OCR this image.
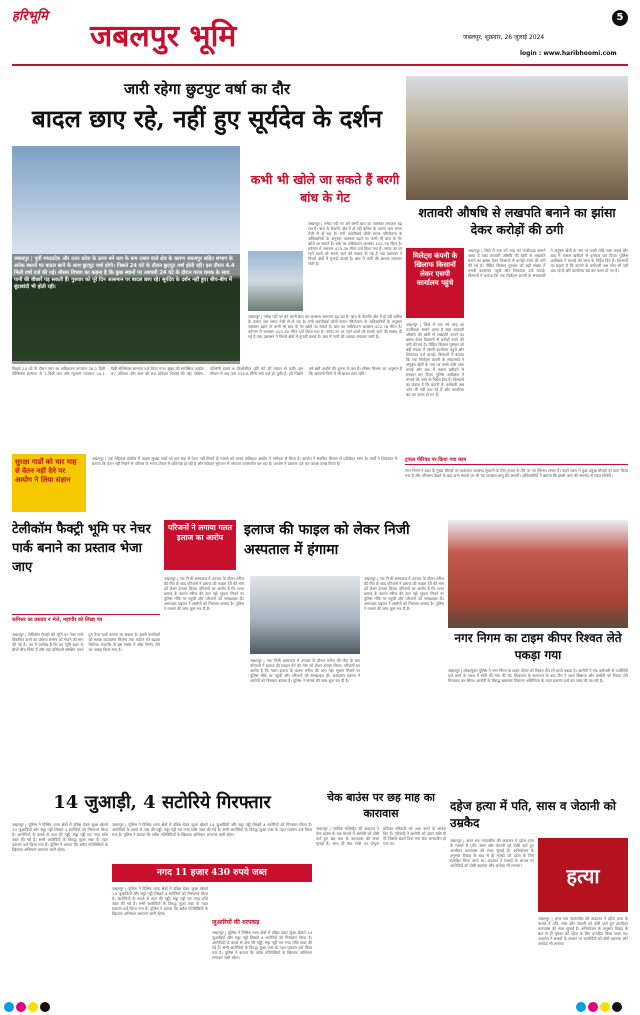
हरिभूमि
जबलपुर भूमि
5
जबलपुर, शुक्रवार, 26 जुलाई 2024
login : www.haribhoomi.com
जारी रहेगा छुटपुट वर्षा का दौर
बादल छाए रहे, नहीं हुए सूर्यदेव के दर्शन
कभी भी खोले जा सकते हैं बरगी बांध के गेट
जबलपुर | नर्मदा नदी पर बने बरगी बांध का जलस्तर लगातार बढ़ रहा है। बांध के कैचमेंट क्षेत्र में हो रही बारिश के कारण जल भराव तेजी से हो रहा है। रानी अवंतीबाई लोधी सागर परियोजना के अधिकारियों के अनुसार जलस्तर बढ़ने पर कभी भी बांध के गेट खोले जा सकते हैं। बांध का अधिकतम जलस्तर 422.76 मीटर है। वर्तमान में जलस्तर 415.30 मीटर दर्ज किया गया है। नर्मदा तट पर रहने वालों को सतर्क रहने की सलाह दी गई है तथा प्रशासन ने निचले क्षेत्रों में मुनादी कराई है। बांध में पानी की आवक लगातार जारी है।
जबलपुर | नर्मदा नदी पर बने बरगी बांध का जलस्तर लगातार बढ़ रहा है। बांध के कैचमेंट क्षेत्र में हो रही बारिश के कारण जल भराव तेजी से हो रहा है। रानी अवंतीबाई लोधी सागर परियोजना के अधिकारियों के अनुसार जलस्तर बढ़ने पर कभी भी बांध के गेट खोले जा सकते हैं। बांध का अधिकतम जलस्तर 422.76 मीटर है। वर्तमान में जलस्तर 415.30 मीटर दर्ज किया गया है। नर्मदा तट पर रहने वालों को सतर्क रहने की सलाह दी गई है तथा प्रशासन ने निचले क्षेत्रों में मुनादी कराई है। बांध में पानी की आवक लगातार जारी है।
जबलपुर | पूर्वी मध्यप्रदेश और उत्तर प्रदेश के ऊपर बने कम के कम दबाव वाले क्षेत्र के कारण जबलपुर सहित संभाग के अनेक स्थानों पर बादल छाने के साथ छुटपुट वर्षा होगी। पिछले 24 घंटे के दौरान छुटपुट वर्षा होती रही। इस दौरान 4.4 मिली वर्षा दर्ज की गई। मौसम विभाग का कहना है कि कुछ स्थानों पर आगामी 24 घंटे के दौरान गरज चमक के साथ पानी की बौछारें पड़ सकती हैं। गुरुवार को पूरे दिन आसमान पर बादल छाए रहे। सूर्यदेव के दर्शन नहीं हुए। बीच-बीच में बूंदाबांदी भी होती रही।
पिछले 24 घंटे के दौरान नगर का अधिकतम तापमान 28.2 डिग्री सेल्सियस सामान्य से 1 डिग्री कम और न्यूनतम तापमान 24.1 डिग्री सेल्सियस सामान्य दर्ज किया गया। सुबह की सापेक्षिक आर्द्रता 97 प्रतिशत और शाम की 89 प्रतिशत रिकॉर्ड की गई। दक्षिण-पश्चिमी हवाएं 6 किलोमीटर प्रति घंटे की रफ्तार से चलीं। इस सीजन में अब तक 535.8 मिमी वर्षा दर्ज हो चुकी है, जो पिछले वर्ष इसी अवधि की तुलना में कम है। मौसम विभाग का अनुमान है कि आगामी दिनों में भी बादल छाए रहेंगे।
शतावरी औषधि से लखपति बनाने का झांसा देकर करोड़ों की ठगी
मिलेट्स कंपनी के खिलाफ किसानों लेकर एसपी कार्यालय पहुंचे
जबलपुर | जिले में एक नये तरह का फर्जीवाड़ा सामने आया है जहां शतावरी औषधि की खेती से लखपति बनाने का झांसा देकर किसानों से करोड़ों रुपये की ठगी की गई है। पीड़ित किसान गुरुवार को बड़ी संख्या में एसपी कार्यालय पहुंचे और शिकायत दर्ज कराई। किसानों ने बताया कि एक मिलेट्स कंपनी के संचालकों ने अनुबंध खेती के नाम पर उनसे राशि जमा कराई और बाद में फसल खरीदने से इनकार कर दिया। पुलिस अधीक्षक ने मामले की जांच के निर्देश दिए हैं। किसानों का कहना है कि कंपनी के कर्मचारी अब फोन भी नहीं उठा रहे हैं और कार्यालय बंद कर फरार हो गए हैं।
जबलपुर | जिले में एक नये तरह का फर्जीवाड़ा सामने आया है जहां शतावरी औषधि की खेती से लखपति बनाने का झांसा देकर किसानों से करोड़ों रुपये की ठगी की गई है। पीड़ित किसान गुरुवार को बड़ी संख्या में एसपी कार्यालय पहुंचे और शिकायत दर्ज कराई। किसानों ने बताया कि एक मिलेट्स कंपनी के संचालकों ने अनुबंध खेती के नाम पर उनसे राशि जमा कराई और बाद में फसल खरीदने से इनकार कर दिया। पुलिस अधीक्षक ने मामले की जांच के निर्देश दिए हैं। किसानों का कहना है कि कंपनी के कर्मचारी अब फोन भी नहीं उठा रहे हैं और कार्यालय बंद कर फरार हो गए हैं।
सुरक्षा गार्डों को चार माह से वेतन नहीं देने पर आयोग ने लिया संज्ञान
जबलपुर | एक मेडिकल कॉलेज में पदस्थ सुरक्षा गार्डों को चार माह से वेतन नहीं मिलने के मामले को मानव अधिकार आयोग ने गंभीरता से लिया है। आयोग ने संबंधित विभाग से प्रतिवेदन मांगा है। गार्डों ने शिकायत में बताया कि वेतन नहीं मिलने से परिवार के भरण-पोषण में कठिनाई हो रही है और ठेकेदार भुगतान में लगातार टालमटोल कर रहा है। आयोग ने प्रकरण दर्ज कर जवाब तलब किया है।
ट्रायल पीरियड पर किया गया काम
नगर निगम ने शहर के मुख्य चौराहों पर यातायात व्यवस्था सुधारने के लिए ट्रायल के तौर पर नए सिग्नल लगाए हैं। पहले चरण में कुछ प्रमुख चौराहों पर काम किया गया है और परिणाम देखने के बाद अन्य स्थानों पर भी यह व्यवस्था लागू की जाएगी। अधिकारियों ने बताया कि इससे जाम की समस्या से राहत मिलेगी।
टेलीकॉम फैक्ट्री भूमि पर नेचर पार्क बनाने का प्रस्ताव भेजा जाए
कमिश्नर का प्रस्ताव न भेजे, महापौर को लिखा पत्र
जबलपुर | टेलीकॉम फैक्ट्री की भूमि पर नेचर पार्क विकसित करने का प्रस्ताव शासन को भेजने की मांग की गई है। पत्र में उल्लेख है कि यह भूमि शहर के बीचों बीच स्थित है और यहां हरियाली संरक्षित करते हुए नेचर पार्क बनाया जा सकता है। इससे नागरिकों को स्वच्छ वातावरण मिलेगा तथा पर्यटन को बढ़ावा मिलेगा। महापौर से इस संबंध में शीघ्र निर्णय लेने का आग्रह किया गया है।
परिजनों ने लगाया गलत इलाज का आरोप	इलाज की फाइल को लेकर निजी अस्पताल में हंगामा
जबलपुर | एक निजी अस्पताल में उपचार के दौरान मरीज की मौत के बाद परिजनों ने इलाज की फाइल देने की मांग को लेकर हंगामा किया। परिजनों का आरोप है कि गलत इलाज के कारण मरीज की जान गई। सूचना मिलने पर पुलिस मौके पर पहुंची और परिजनों को समझाइश दी। अस्पताल प्रबंधन ने आरोपों को निराधार बताया है। पुलिस ने मामले की जांच शुरू कर दी है।
जबलपुर | एक निजी अस्पताल में उपचार के दौरान मरीज की मौत के बाद परिजनों ने इलाज की फाइल देने की मांग को लेकर हंगामा किया। परिजनों का आरोप है कि गलत इलाज के कारण मरीज की जान गई। सूचना मिलने पर पुलिस मौके पर पहुंची और परिजनों को समझाइश दी। अस्पताल प्रबंधन ने आरोपों को निराधार बताया है। पुलिस ने मामले की जांच शुरू कर दी है।
जबलपुर | एक निजी अस्पताल में उपचार के दौरान मरीज की मौत के बाद परिजनों ने इलाज की फाइल देने की मांग को लेकर हंगामा किया। परिजनों का आरोप है कि गलत इलाज के कारण मरीज की जान गई। सूचना मिलने पर पुलिस मौके पर पहुंची और परिजनों को समझाइश दी। अस्पताल प्रबंधन ने आरोपों को निराधार बताया है। पुलिस ने मामले की जांच शुरू कर दी है।
नगर निगम का टाइम कीपर रिश्वत लेते पकड़ा गया
जबलपुर | लोकायुक्त पुलिस ने नगर निगम के टाइम कीपर को रिश्वत लेते रंगे हाथों पकड़ा है। आरोपी ने एक कर्मचारी से उपस्थिति दर्ज करने के एवज में राशि की मांग की थी। शिकायत के सत्यापन के बाद टीम ने जाल बिछाया और आरोपी को रिश्वत लेते गिरफ्तार कर लिया। आरोपी के विरुद्ध भ्रष्टाचार निवारण अधिनियम के तहत प्रकरण दर्ज कर जांच की जा रही है।
14 जुआड़ी, 4 सटोरिये गिरफ्तार
जबलपुर | पुलिस ने विभिन्न थाना क्षेत्रों में दबिश देकर जुआ खेलते 14 जुआड़ियों और सट्टा पट्टी लिखते 4 सटोरियों को गिरफ्तार किया है। आरोपियों के कब्जे से ताश की गड्डी, सट्टा पट्टी एवं नगद राशि जब्त की गई है। सभी आरोपियों के विरुद्ध जुआ एक्ट के तहत प्रकरण दर्ज किया गया है। पुलिस ने बताया कि अवैध गतिविधियों के खिलाफ अभियान लगातार जारी रहेगा।
नगद 11 हजार 430 रुपये जब्त
जुआरियों की धरपकड़
जबलपुर | पुलिस ने विभिन्न थाना क्षेत्रों में दबिश देकर जुआ खेलते 14 जुआड़ियों और सट्टा पट्टी लिखते 4 सटोरियों को गिरफ्तार किया है। आरोपियों के कब्जे से ताश की गड्डी, सट्टा पट्टी एवं नगद राशि जब्त की गई है। सभी आरोपियों के विरुद्ध जुआ एक्ट के तहत प्रकरण दर्ज किया गया है। पुलिस ने बताया कि अवैध गतिविधियों के खिलाफ अभियान लगातार जारी रहेगा।
जबलपुर | पुलिस ने विभिन्न थाना क्षेत्रों में दबिश देकर जुआ खेलते 14 जुआड़ियों और सट्टा पट्टी लिखते 4 सटोरियों को गिरफ्तार किया है। आरोपियों के कब्जे से ताश की गड्डी, सट्टा पट्टी एवं नगद राशि जब्त की गई है। सभी आरोपियों के विरुद्ध जुआ एक्ट के तहत प्रकरण दर्ज किया गया है। पुलिस ने बताया कि अवैध गतिविधियों के खिलाफ अभियान लगातार जारी रहेगा।
जबलपुर | पुलिस ने विभिन्न थाना क्षेत्रों में दबिश देकर जुआ खेलते 14 जुआड़ियों और सट्टा पट्टी लिखते 4 सटोरियों को गिरफ्तार किया है। आरोपियों के कब्जे से ताश की गड्डी, सट्टा पट्टी एवं नगद राशि जब्त की गई है। सभी आरोपियों के विरुद्ध जुआ एक्ट के तहत प्रकरण दर्ज किया गया है। पुलिस ने बताया कि अवैध गतिविधियों के खिलाफ अभियान लगातार जारी रहेगा।
चेक बाउंस पर छह माह का कारावास
जबलपुर | न्यायिक मजिस्ट्रेट की अदालत ने चेक बाउंस के एक मामले में आरोपी को दोषी पाते हुए छह माह के कारावास की सजा सुनाई है। साथ ही चेक राशि का दोगुना प्रतिकर परिवादी को अदा करने के आदेश दिए हैं। परिवादी ने आरोपी को उधार राशि दी थी जिसके बदले दिया गया चेक अनादरित हो गया था।
दहेज हत्या में पति, सास व जेठानी को उम्रकैद
जबलपुर | अपर सत्र न्यायाधीश की अदालत ने दहेज हत्या के मामले में पति, सास और जेठानी को दोषी पाते हुए आजीवन कारावास की सजा सुनाई है। अभियोजन के अनुसार विवाह के बाद से ही मृतका को दहेज के लिए प्रताड़ित किया जाता था। अदालत ने साक्ष्यों के आधार पर आरोपियों को दोषी ठहराया और अर्थदंड भी लगाया।	हत्या
जबलपुर | अपर सत्र न्यायाधीश की अदालत ने दहेज हत्या के मामले में पति, सास और जेठानी को दोषी पाते हुए आजीवन कारावास की सजा सुनाई है। अभियोजन के अनुसार विवाह के बाद से ही मृतका को दहेज के लिए प्रताड़ित किया जाता था। अदालत ने साक्ष्यों के आधार पर आरोपियों को दोषी ठहराया और अर्थदंड भी लगाया।
